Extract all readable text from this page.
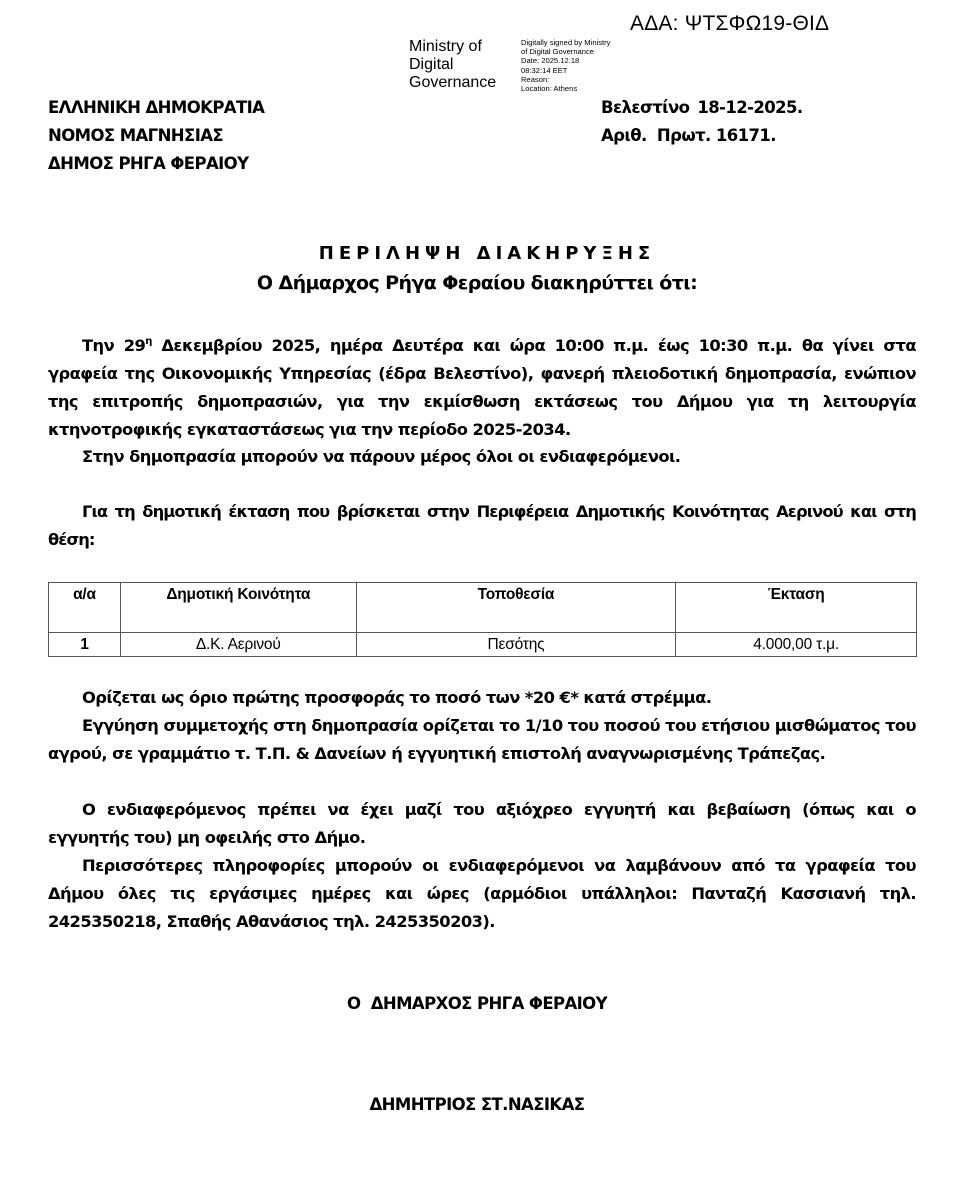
ΑΔΑ: ΨΤΣΦΩ19-ΘΙΔ
Ministry of
Digital
Governance
Digitally signed by Ministry
of Digital Governance
Date: 2025.12.18
08:32:14 EET
Reason:
Location: Athens
ΕΛΛΗΝΙΚΗ ΔΗΜΟΚΡΑΤΙΑ
ΝΟΜΟΣ ΜΑΓΝΗΣΙΑΣ
ΔΗΜΟΣ ΡΗΓΑ ΦΕΡΑΙΟΥ
Βελεστίνο 18-12-2025.
Αριθ.  Πρωτ. 16171.
ΠΕΡΙΛΗΨΗ ΔΙΑΚΗΡΥΞΗΣ
Ο Δήμαρχος Ρήγα Φεραίου διακηρύττει ότι:
Την $29^\eta$ Δεκεμβρίου 2025, ημέρα Δευτέρα και ώρα 10:00 π.μ. έως 10:30 π.μ. θα γίνει στα γραφεία της Οικονομικής Υπηρεσίας (έδρα Βελεστίνο), φανερή πλειοδοτική δημοπρασία, ενώπιον της επιτροπής δημοπρασιών, για την εκμίσθωση εκτάσεως του Δήμου για τη λειτουργία κτηνοτροφικής εγκαταστάσεως για την περίοδο 2025-2034.
Στην δημοπρασία μπορούν να πάρουν μέρος όλοι οι ενδιαφερόμενοι.
Για τη δημοτική έκταση που βρίσκεται στην Περιφέρεια Δημοτικής Κοινότητας Αερινού και στη θέση:
α/α	Δημοτική Κοινότητα	Τοποθεσία	Έκταση
1	Δ.Κ. Αερινού	Πεσότης	4.000,00 τ.μ.
Ορίζεται ως όριο πρώτης προσφοράς το ποσό των *20 €* κατά στρέμμα.
Εγγύηση συμμετοχής στη δημοπρασία ορίζεται το 1/10 του ποσού του ετήσιου μισθώματος του αγρού, σε γραμμάτιο τ. Τ.Π. & Δανείων ή εγγυητική επιστολή αναγνωρισμένης Τράπεζας.
Ο ενδιαφερόμενος πρέπει να έχει μαζί του αξιόχρεο εγγυητή και βεβαίωση (όπως και ο εγγυητής του) μη οφειλής στο Δήμο.
Περισσότερες πληροφορίες μπορούν οι ενδιαφερόμενοι να λαμβάνουν από τα γραφεία του Δήμου όλες τις εργάσιμες ημέρες και ώρες (αρμόδιοι υπάλληλοι: Πανταζή Κασσιανή τηλ. 2425350218, Σπαθής Αθανάσιος τηλ. 2425350203).
Ο  ΔΗΜΑΡΧΟΣ ΡΗΓΑ ΦΕΡΑΙΟΥ
ΔΗΜΗΤΡΙΟΣ ΣΤ.ΝΑΣΙΚΑΣ
